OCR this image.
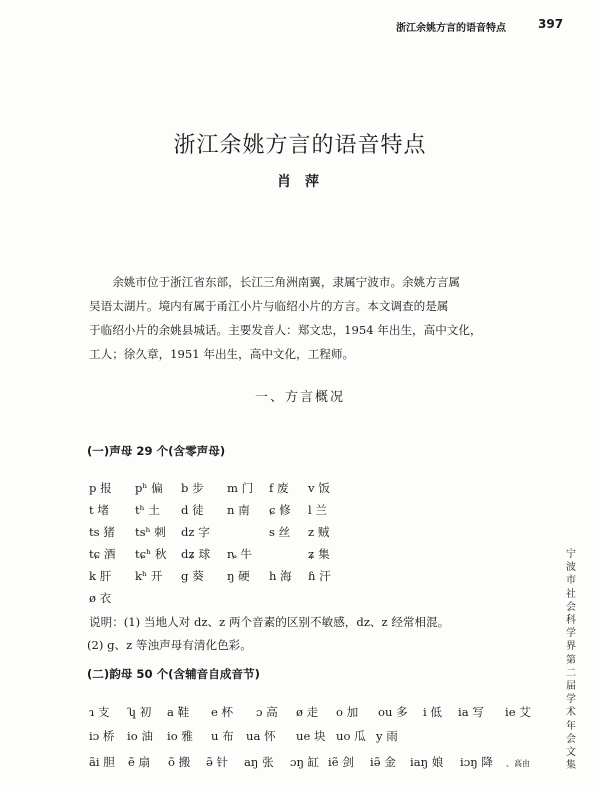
浙江余姚方言的语音特点	397
浙江余姚方言的语音特点
肖萍
余姚市位于浙江省东部，长江三角洲南翼，隶属宁波市。余姚方言属
吴语太湖片。境内有属于甬江小片与临绍小片的方言。本文调查的是属
于临绍小片的余姚县城话。主要发音人：郑文忠，1954 年出生，高中文化，
工人；徐久章，1951 年出生，高中文化，工程师。
一、方言概况
(一)声母 29 个(含零声母)
p 报 pʰ 偏 b 步 m 门 f 废 v 饭
t 堵 tʰ 土 d 徒 n 南 ɕ 修 l 兰
ts 猪 tsʰ 刺 dz 字	s 丝 z 贼
tɕ 酒 tɕʰ 秋 dʑ 球 ȵ 牛	ʑ 集
k 肝 kʰ 开 g 葵 ŋ 硬 h 海 ɦ 汗
ø 衣
说明：(1) 当地人对 dz、z 两个音素的区别不敏感，dz、z 经常相混。
(2) g、z 等浊声母有清化色彩。
(二)韵母 50 个(含辅音自成音节)
ɿ 支 ʮ 初 a 鞋 e 杯 ɔ 高 ø 走 o 加 ou 多 i 低 ia 写 ie 艾
iɔ 桥 io 油 io 雅 u 布 ua 怀 ue 块 uo 瓜 y 雨
ãi 胆 ẽ 扇 õ 搬 ə̃ 针 aŋ 张 ɔŋ 缸 iẽ 剑 iə̃ 金 iaŋ 娘 iɔŋ 降 、高由
宁波市社会科学界第二届学术年会文集
